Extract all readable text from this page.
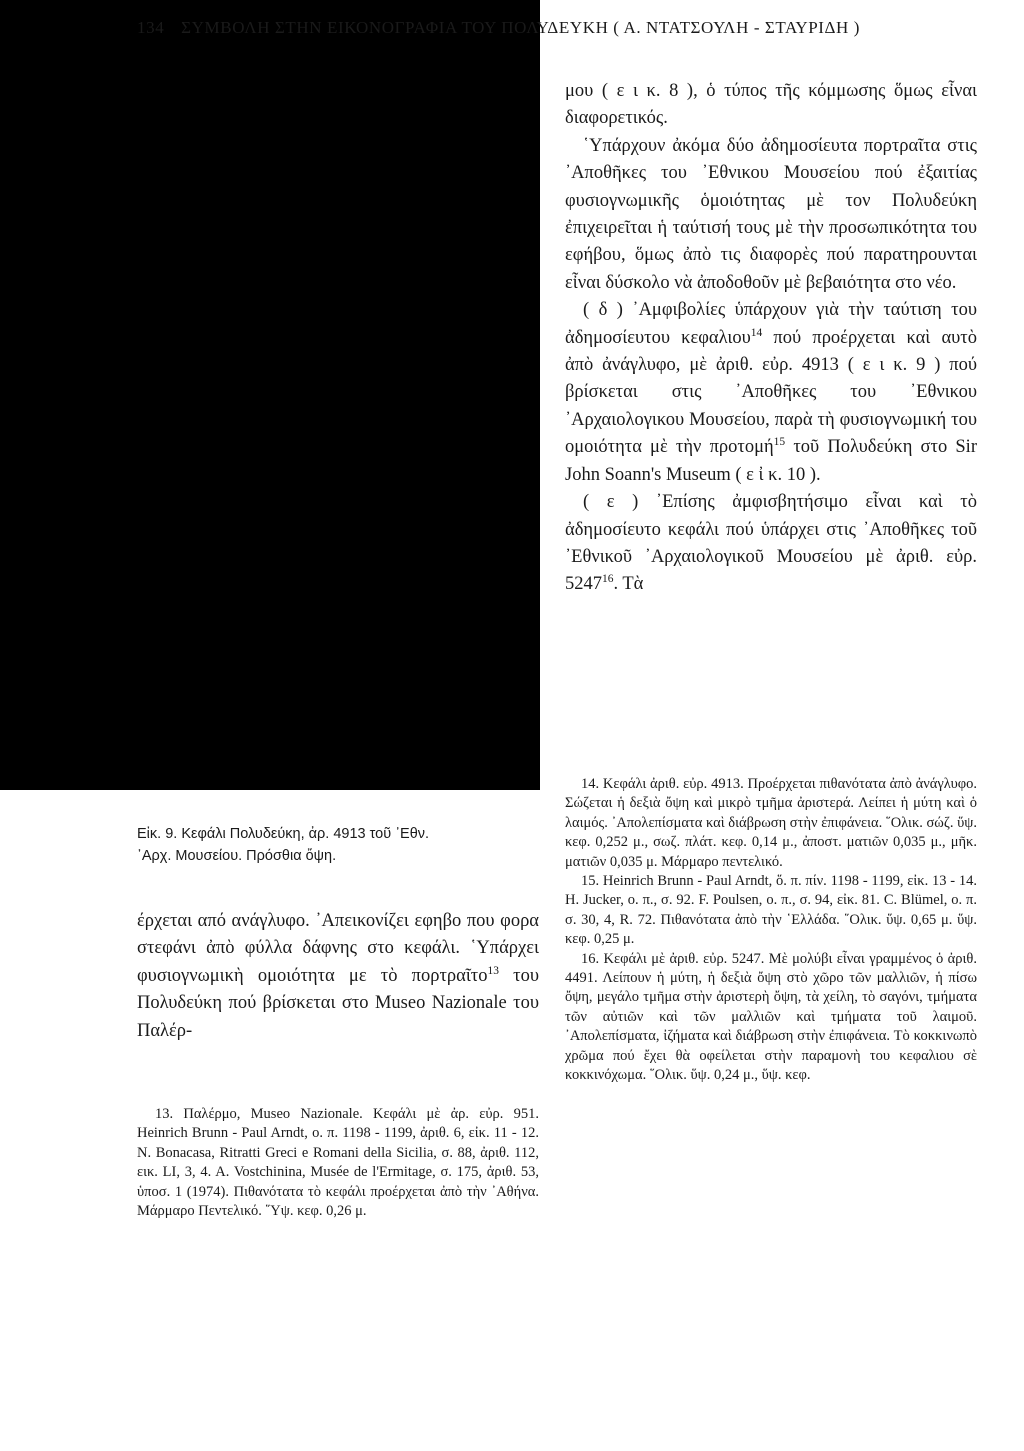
134 ΣΥΜΒΟΛΗ ΣΤΗΝ ΕΙΚΟΝΟΓΡΑΦΙΑ ΤΟΥ ΠΟΛΥΔΕΥΚΗ ( Α. ΝΤΑΤΣΟΥΛΗ - ΣΤΑΥΡΙΔΗ )

μου ( ε ι κ. 8 ), ὁ τύπος τῆς κόμμωσης ὅμως εἶναι διαφορετικός.

῾Υπάρχουν ἀκόμα δύο ἀδημοσίευτα πορτραῖτα στις ᾿Αποθῆκες του ᾿Εθνικου Μουσείου πού ἐξαιτίας φυσιογνωμικῆς ὁμοιότητας μὲ τον Πολυδεύκη ἐπιχειρεῖται ἡ ταύτισή τους μὲ τὴν προσωπικότητα του εφήβου, ὅμως ἀπὸ τις διαφορὲς πού παρατηρουνται εἶναι δύσκολο νὰ ἀποδοθοῦν μὲ βεβαιότητα στο νέο.

( δ ) ᾿Αμφιβολίες ὑπάρχουν γιὰ τὴν ταύτιση του ἀδημοσίευτου κεφαλιου$^{14}$ πού προέρχεται καὶ αυτὸ ἀπὸ ἀνάγλυφο, μὲ ἀριθ. εὐρ. 4913 ( ε ι κ. 9 ) πού βρίσκεται στις ᾿Αποθῆκες του ᾿Εθνικου ᾿Αρχαιολογικου Μουσείου, παρὰ τὴ φυσιογνωμική του ομοιότητα μὲ τὴν προτομή$^{15}$ τοῦ Πολυδεύκη στο Sir John Soann's Museum ( ε ἰ κ. 10 ).

( ε ) ᾿Επίσης ἀμφισβητήσιμο εἶναι καὶ τὸ ἀδημοσίευτο κεφάλι πού ὑπάρχει στις ᾿Αποθῆκες τοῦ ᾿Εθνικοῦ ᾿Αρχαιολογικοῦ Μουσείου μὲ ἀριθ. εὐρ. 5247$^{16}$. Τὰ

Εἰκ. 9. Κεφάλι Πολυδεύκη, ἀρ. 4913 τοῦ ᾿Εθν.

᾿Αρχ. Μουσείου. Πρόσθια ὄψη.

έρχεται από ανάγλυφο. ᾿Απεικονίζει εφηβο που φορα στεφάνι ἀπὸ φύλλα δάφνης στο κεφάλι. ῾Υπάρχει φυσιογνωμικὴ ομοιότητα με τὸ πορτραῖτο$^{13}$ του Πολυδεύκη πού βρίσκεται στο Museo Nazionale του Παλέρ-

13. Παλέρμο, Museo Nazionale. Κεφάλι μὲ ἀρ. εὐρ. 951. Heinrich Brunn - Paul Arndt, ο. π. 1198 - 1199, ἀριθ. 6, εἰκ. 11 - 12. N. Bonacasa, Ritratti Greci e Romani della Sicilia, σ. 88, ἀριθ. 112, εικ. LI, 3, 4. A. Vostchinina, Musée de l'Ermitage, σ. 175, ἀριθ. 53, ὑποσ. 1 (1974). Πιθανότατα τὸ κεφάλι προέρχεται ἀπὸ τὴν ᾿Αθήνα. Μάρμαρο Πεντελικό. ῞Υψ. κεφ. 0,26 μ.

14. Κεφάλι ἀριθ. εὐρ. 4913. Προέρχεται πιθανότατα ἀπὸ ἀνάγλυφο. Σώζεται ἡ δεξιὰ ὄψη καὶ μικρὸ τμῆμα ἀριστερά. Λείπει ἡ μύτη καὶ ὁ λαιμός. ᾿Απολεπίσματα καὶ διάβρωση στὴν ἐπιφάνεια. ῞Ολικ. σώζ. ὕψ. κεφ. 0,252 μ., σωζ. πλάτ. κεφ. 0,14 μ., ἀποστ. ματιῶν 0,035 μ., μῆκ. ματιῶν 0,035 μ. Μάρμαρο πεντελικό.

15. Heinrich Brunn - Paul Arndt, ὅ. π. πίν. 1198 - 1199, εἰκ. 13 - 14. H. Jucker, ο. π., σ. 92. F. Poulsen, ο. π., σ. 94, εἰκ. 81. C. Blümel, ο. π. σ. 30, 4, R. 72. Πιθανότατα ἀπὸ τὴν ῾Ελλάδα. ῞Ολικ. ὕψ. 0,65 μ. ὕψ. κεφ. 0,25 μ.

16. Κεφάλι μὲ ἀριθ. εὐρ. 5247. Μὲ μολύβι εἶναι γραμμένος ὁ ἀριθ. 4491. Λείπουν ἡ μύτη, ἡ δεξιὰ ὄψη στὸ χῶρο τῶν μαλλιῶν, ἡ πίσω ὄψη, μεγάλο τμῆμα στὴν ἀριστερὴ ὄψη, τὰ χείλη, τὸ σαγόνι, τμήματα τῶν αὐτιῶν καὶ τῶν μαλλιῶν καὶ τμήματα τοῦ λαιμοῦ. ᾿Απολεπίσματα, ἰζήματα καὶ διάβρωση στὴν ἐπιφάνεια. Τὸ κοκκινωπὸ χρῶμα πού ἔχει θὰ οφείλεται στὴν παραμονὴ του κεφαλιου σὲ κοκκινόχωμα. ῞Ολικ. ὕψ. 0,24 μ., ὕψ. κεφ.
